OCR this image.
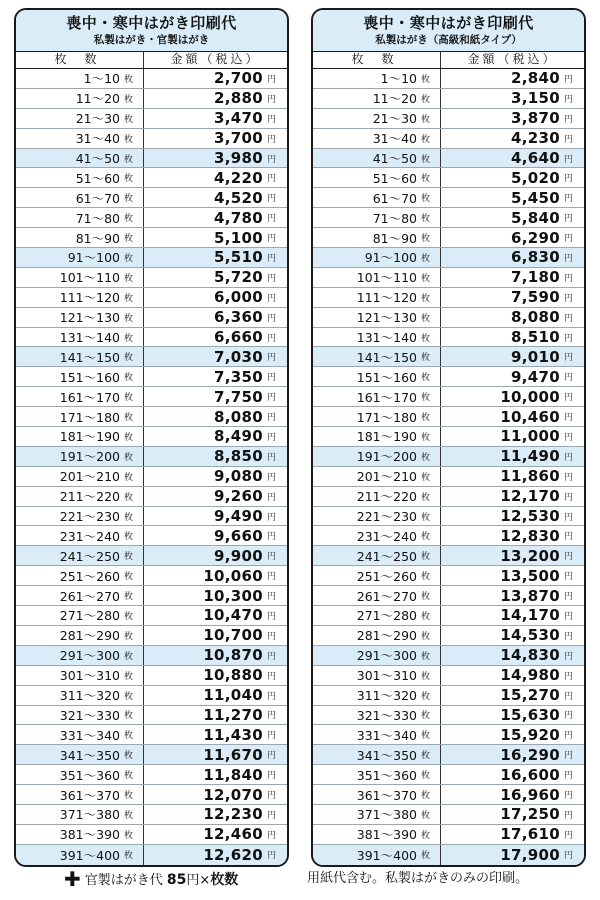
喪中・寒中はがき印刷代
私製はがき・官製はがき
枚数	金額（税込）
1〜10 枚	2,700 円
11〜20 枚	2,880 円
21〜30 枚	3,470 円
31〜40 枚	3,700 円
41〜50 枚	3,980 円
51〜60 枚	4,220 円
61〜70 枚	4,520 円
71〜80 枚	4,780 円
81〜90 枚	5,100 円
91〜100 枚	5,510 円
101〜110 枚	5,720 円
111〜120 枚	6,000 円
121〜130 枚	6,360 円
131〜140 枚	6,660 円
141〜150 枚	7,030 円
151〜160 枚	7,350 円
161〜170 枚	7,750 円
171〜180 枚	8,080 円
181〜190 枚	8,490 円
191〜200 枚	8,850 円
201〜210 枚	9,080 円
211〜220 枚	9,260 円
221〜230 枚	9,490 円
231〜240 枚	9,660 円
241〜250 枚	9,900 円
251〜260 枚	10,060 円
261〜270 枚	10,300 円
271〜280 枚	10,470 円
281〜290 枚	10,700 円
291〜300 枚	10,870 円
301〜310 枚	10,880 円
311〜320 枚	11,040 円
321〜330 枚	11,270 円
331〜340 枚	11,430 円
341〜350 枚	11,670 円
351〜360 枚	11,840 円
361〜370 枚	12,070 円
371〜380 枚	12,230 円
381〜390 枚	12,460 円
391〜400 枚	12,620 円
喪中・寒中はがき印刷代
私製はがき（高級和紙タイプ）
枚数	金額（税込）
1〜10 枚	2,840 円
11〜20 枚	3,150 円
21〜30 枚	3,870 円
31〜40 枚	4,230 円
41〜50 枚	4,640 円
51〜60 枚	5,020 円
61〜70 枚	5,450 円
71〜80 枚	5,840 円
81〜90 枚	6,290 円
91〜100 枚	6,830 円
101〜110 枚	7,180 円
111〜120 枚	7,590 円
121〜130 枚	8,080 円
131〜140 枚	8,510 円
141〜150 枚	9,010 円
151〜160 枚	9,470 円
161〜170 枚	10,000 円
171〜180 枚	10,460 円
181〜190 枚	11,000 円
191〜200 枚	11,490 円
201〜210 枚	11,860 円
211〜220 枚	12,170 円
221〜230 枚	12,530 円
231〜240 枚	12,830 円
241〜250 枚	13,200 円
251〜260 枚	13,500 円
261〜270 枚	13,870 円
271〜280 枚	14,170 円
281〜290 枚	14,530 円
291〜300 枚	14,830 円
301〜310 枚	14,980 円
311〜320 枚	15,270 円
321〜330 枚	15,630 円
331〜340 枚	15,920 円
341〜350 枚	16,290 円
351〜360 枚	16,600 円
361〜370 枚	16,960 円
371〜380 枚	17,250 円
381〜390 枚	17,610 円
391〜400 枚	17,900 円
✚ 官製はがき代 85円×枚数	用紙代含む。私製はがきのみの印刷。
